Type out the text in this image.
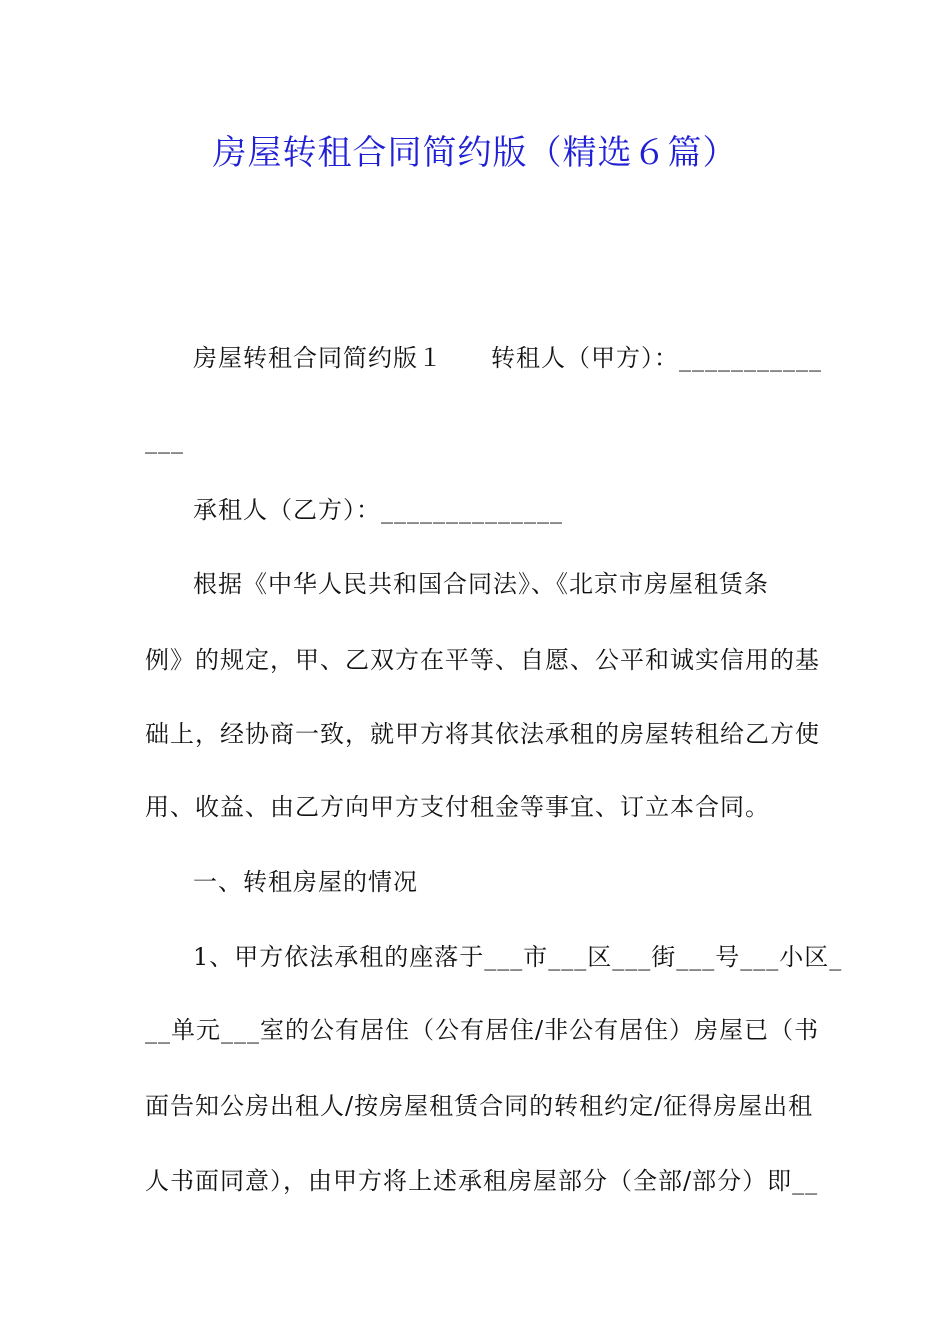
房屋转租合同简约版（精选６篇）
房屋转租合同简约版１ 转租人（甲方）：___________
___
承租人（乙方）：______________
根据《中华人民共和国合同法》、《北京市房屋租赁条
例》的规定，甲、乙双方在平等、自愿、公平和诚实信用的基
础上，经协商一致，就甲方将其依法承租的房屋转租给乙方使
用、收益、由乙方向甲方支付租金等事宜、订立本合同。
一、转租房屋的情况
1、甲方依法承租的座落于___市___区___街___号___小区_
__单元___室的公有居住（公有居住/非公有居住）房屋已（书
面告知公房出租人/按房屋租赁合同的转租约定/征得房屋出租
人书面同意），由甲方将上述承租房屋部分（全部/部分）即__
